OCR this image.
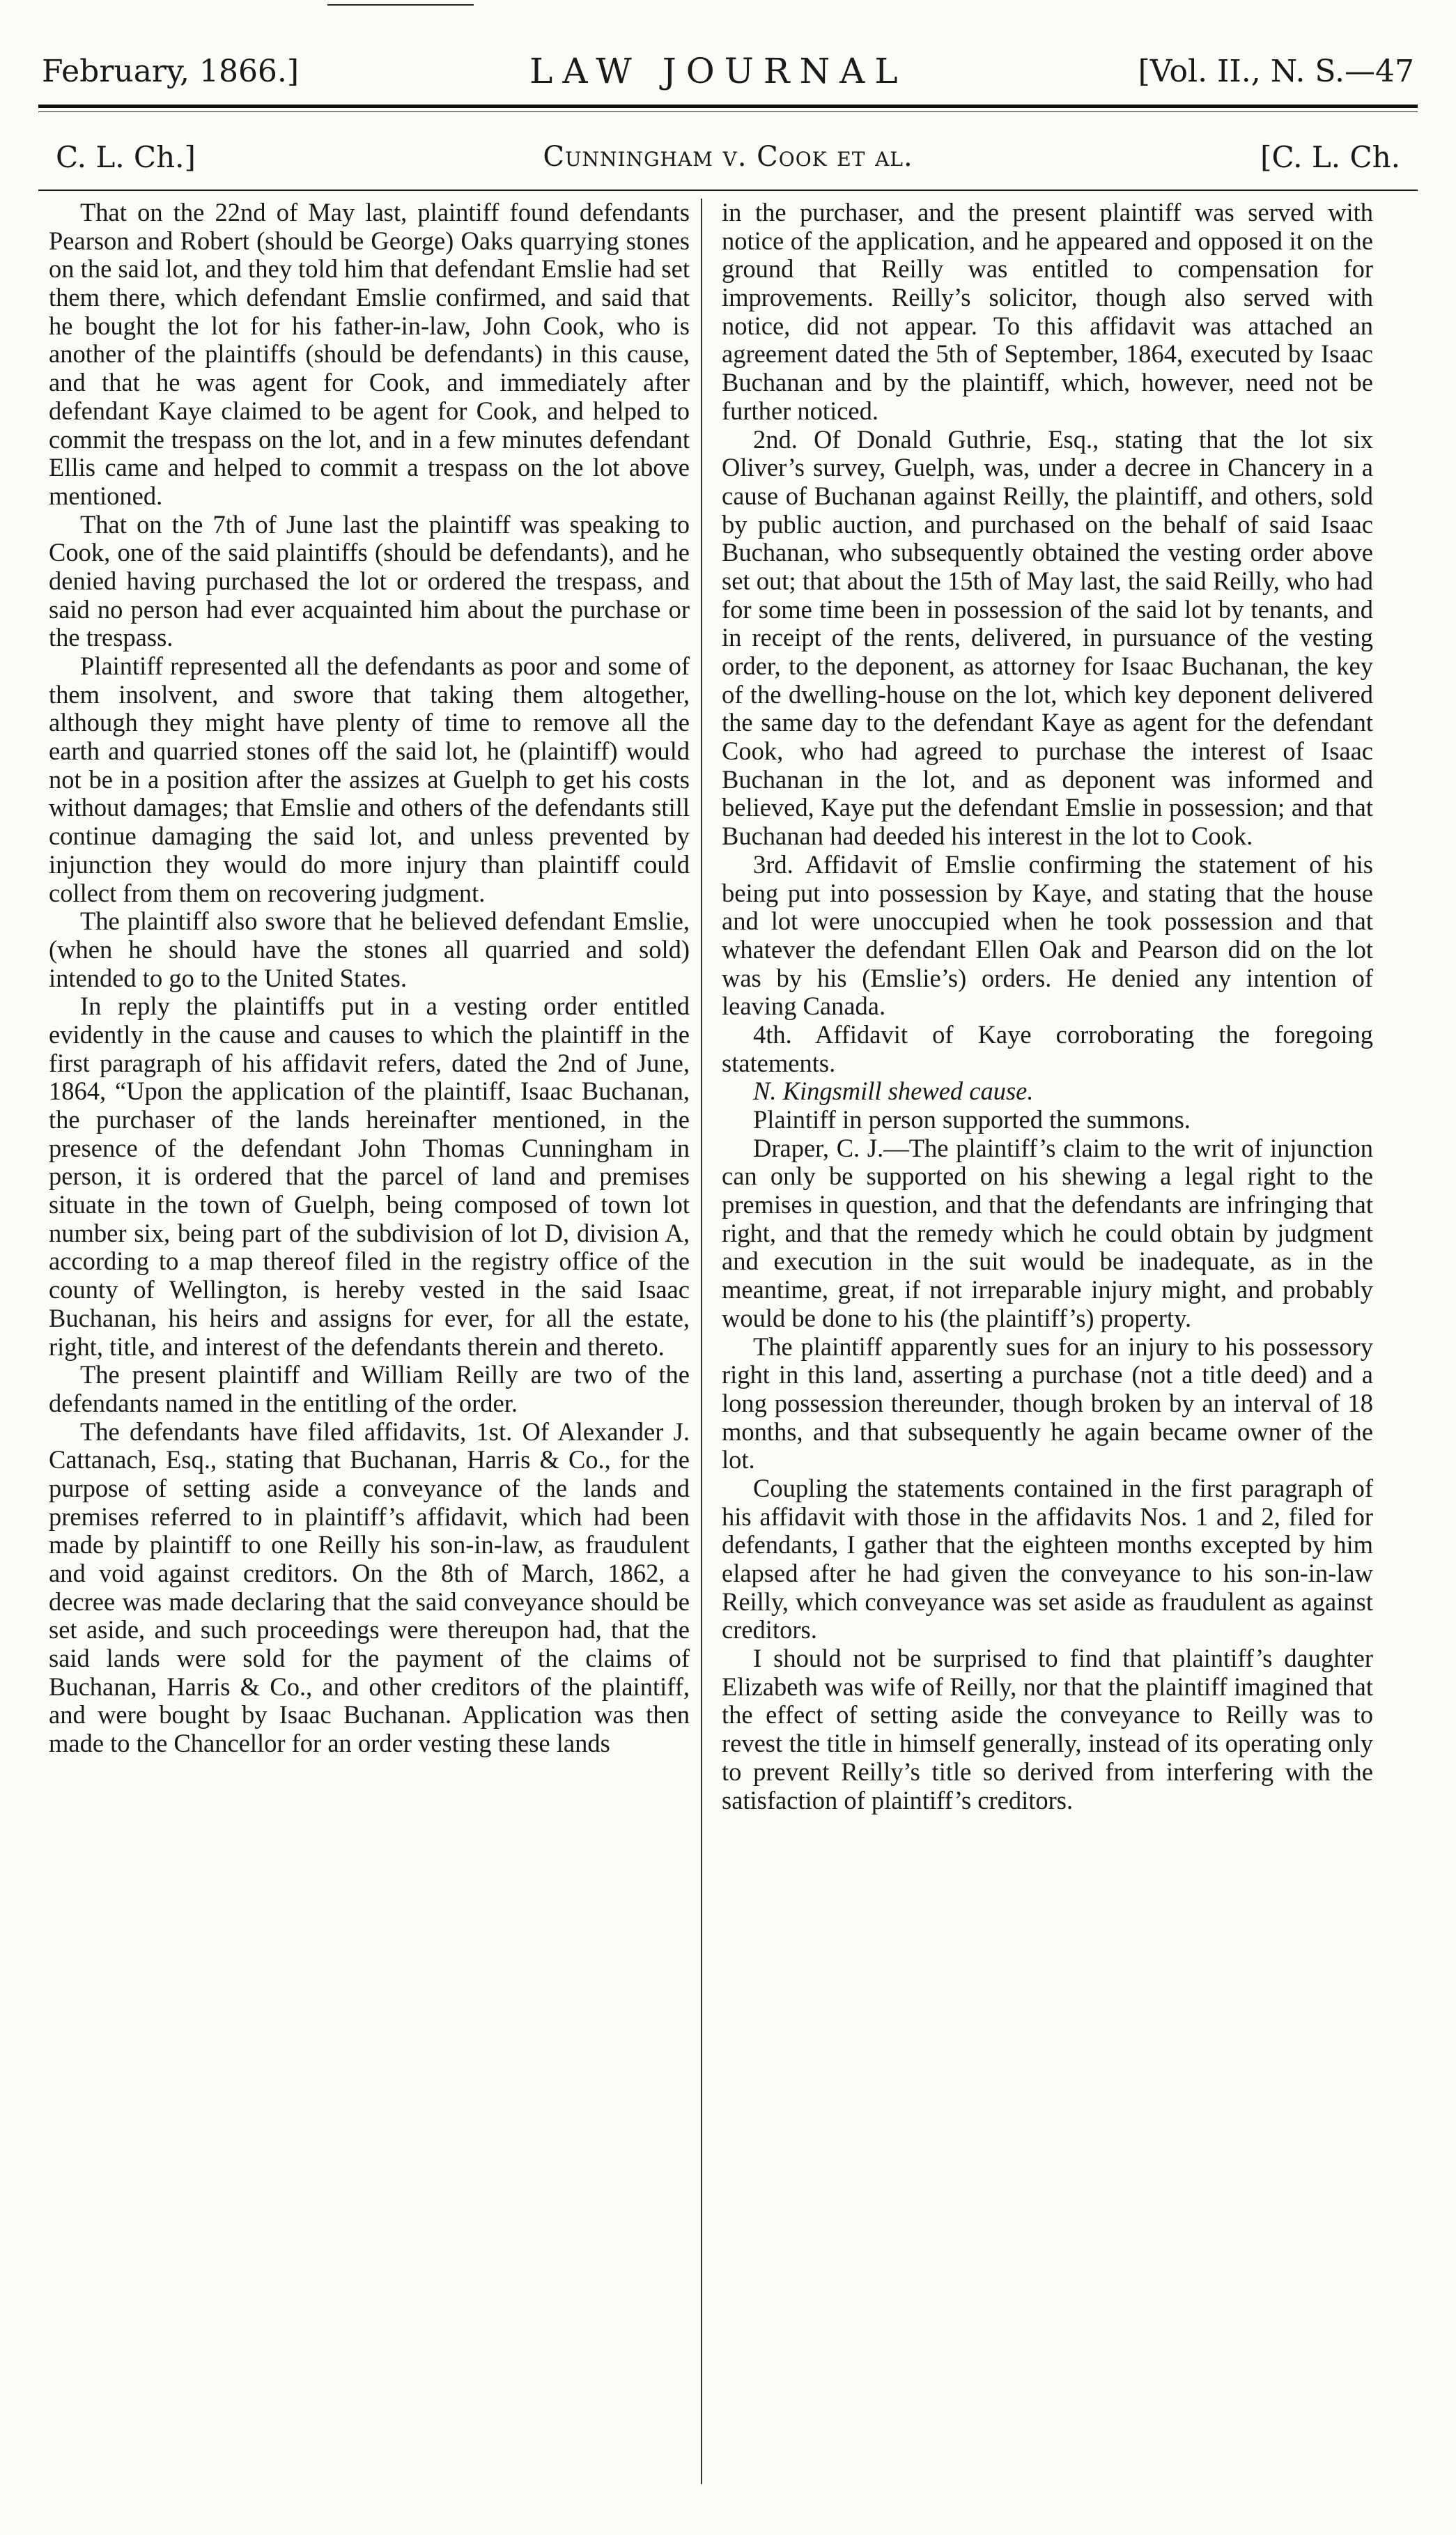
February, 1866.]	LAW JOURNAL	[Vol. II., N. S.—47
C. L. Ch.]	Cunningham v. Cook et al.	[C. L. Ch.

That on the 22nd of May last, plaintiff found defendants Pearson and Robert (should be George) Oaks quarrying stones on the said lot, and they told him that defendant Emslie had set them there, which defendant Emslie confirmed, and said that he bought the lot for his father-in-law, John Cook, who is another of the plaintiffs (should be defendants) in this cause, and that he was agent for Cook, and immediately after defendant Kaye claimed to be agent for Cook, and helped to commit the trespass on the lot, and in a few minutes defendant Ellis came and helped to commit a trespass on the lot above mentioned.

That on the 7th of June last the plaintiff was speaking to Cook, one of the said plaintiffs (should be defendants), and he denied having purchased the lot or ordered the trespass, and said no person had ever acquainted him about the purchase or the trespass.

Plaintiff represented all the defendants as poor and some of them insolvent, and swore that taking them altogether, although they might have plenty of time to remove all the earth and quarried stones off the said lot, he (plaintiff) would not be in a position after the assizes at Guelph to get his costs without damages; that Emslie and others of the defendants still continue damaging the said lot, and unless prevented by injunction they would do more injury than plaintiff could collect from them on recovering judgment.

The plaintiff also swore that he believed defendant Emslie, (when he should have the stones all quarried and sold) intended to go to the United States.

In reply the plaintiffs put in a vesting order entitled evidently in the cause and causes to which the plaintiff in the first paragraph of his affidavit refers, dated the 2nd of June, 1864, “Upon the application of the plaintiff, Isaac Buchanan, the purchaser of the lands hereinafter mentioned, in the presence of the defendant John Thomas Cunningham in person, it is ordered that the parcel of land and premises situate in the town of Guelph, being composed of town lot number six, being part of the subdivision of lot D, division A, according to a map thereof filed in the registry office of the county of Wellington, is hereby vested in the said Isaac Buchanan, his heirs and assigns for ever, for all the estate, right, title, and interest of the defendants therein and thereto.

The present plaintiff and William Reilly are two of the defendants named in the entitling of the order.

The defendants have filed affidavits, 1st. Of Alexander J. Cattanach, Esq., stating that Buchanan, Harris & Co., for the purpose of setting aside a conveyance of the lands and premises referred to in plaintiff’s affidavit, which had been made by plaintiff to one Reilly his son-in-law, as fraudulent and void against creditors. On the 8th of March, 1862, a decree was made declaring that the said conveyance should be set aside, and such proceedings were thereupon had, that the said lands were sold for the payment of the claims of Buchanan, Harris & Co., and other creditors of the plaintiff, and were bought by Isaac Buchanan. Application was then made to the Chancellor for an order vesting these lands

in the purchaser, and the present plaintiff was served with notice of the application, and he appeared and opposed it on the ground that Reilly was entitled to compensation for improvements. Reilly’s solicitor, though also served with notice, did not appear. To this affidavit was attached an agreement dated the 5th of September, 1864, executed by Isaac Buchanan and by the plaintiff, which, however, need not be further noticed.

2nd. Of Donald Guthrie, Esq., stating that the lot six Oliver’s survey, Guelph, was, under a decree in Chancery in a cause of Buchanan against Reilly, the plaintiff, and others, sold by public auction, and purchased on the behalf of said Isaac Buchanan, who subsequently obtained the vesting order above set out; that about the 15th of May last, the said Reilly, who had for some time been in possession of the said lot by tenants, and in receipt of the rents, delivered, in pursuance of the vesting order, to the deponent, as attorney for Isaac Buchanan, the key of the dwelling-house on the lot, which key deponent delivered the same day to the defendant Kaye as agent for the defendant Cook, who had agreed to purchase the interest of Isaac Buchanan in the lot, and as deponent was informed and believed, Kaye put the defendant Emslie in possession; and that Buchanan had deeded his interest in the lot to Cook.

3rd. Affidavit of Emslie confirming the statement of his being put into possession by Kaye, and stating that the house and lot were unoccupied when he took possession and that whatever the defendant Ellen Oak and Pearson did on the lot was by his (Emslie’s) orders. He denied any intention of leaving Canada.

4th. Affidavit of Kaye corroborating the foregoing statements.

N. Kingsmill shewed cause.

Plaintiff in person supported the summons.

Draper, C. J.—The plaintiff’s claim to the writ of injunction can only be supported on his shewing a legal right to the premises in question, and that the defendants are infringing that right, and that the remedy which he could obtain by judgment and execution in the suit would be inadequate, as in the meantime, great, if not irreparable injury might, and probably would be done to his (the plaintiff’s) property.

The plaintiff apparently sues for an injury to his possessory right in this land, asserting a purchase (not a title deed) and a long possession thereunder, though broken by an interval of 18 months, and that subsequently he again became owner of the lot.

Coupling the statements contained in the first paragraph of his affidavit with those in the affidavits Nos. 1 and 2, filed for defendants, I gather that the eighteen months excepted by him elapsed after he had given the conveyance to his son-in-law Reilly, which conveyance was set aside as fraudulent as against creditors.

I should not be surprised to find that plaintiff’s daughter Elizabeth was wife of Reilly, nor that the plaintiff imagined that the effect of setting aside the conveyance to Reilly was to revest the title in himself generally, instead of its operating only to prevent Reilly’s title so derived from interfering with the satisfaction of plaintiff’s creditors.
